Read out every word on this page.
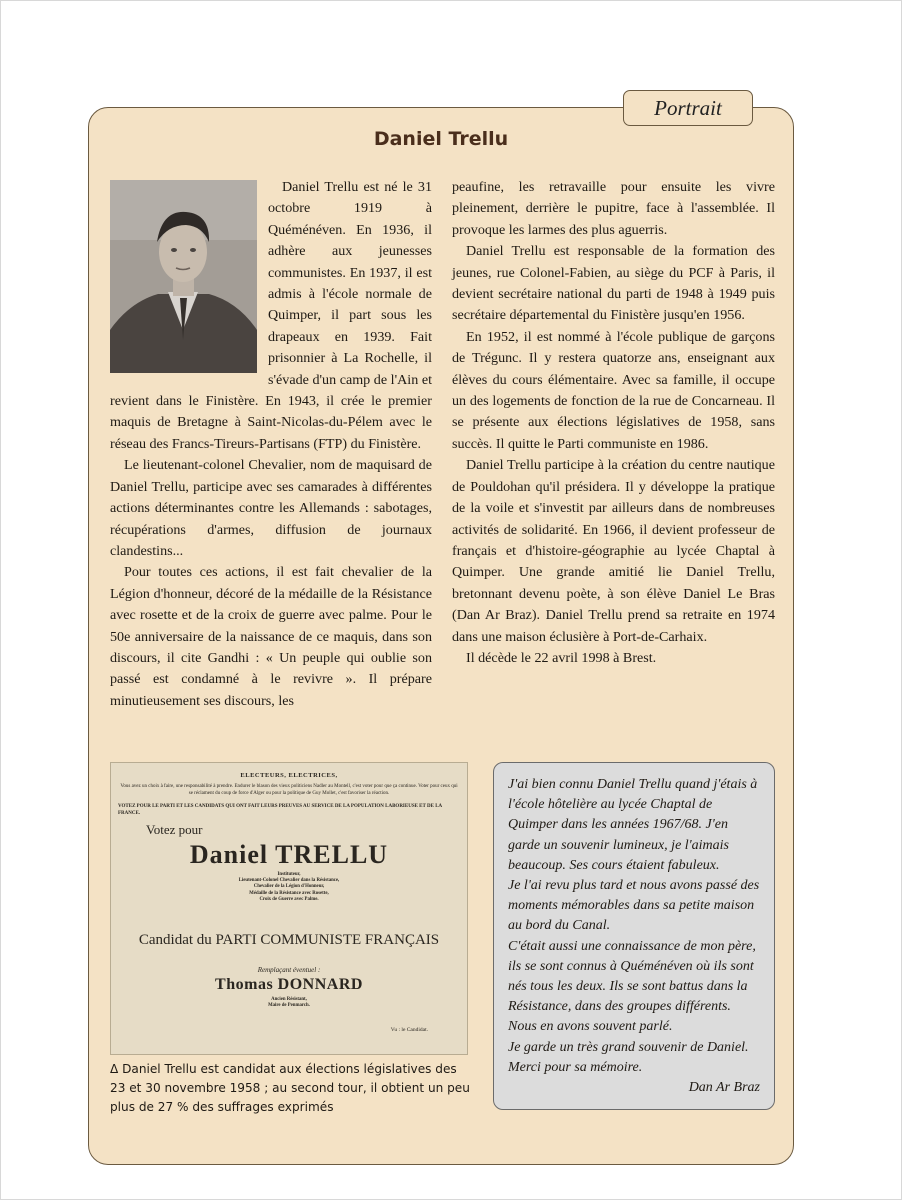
Portrait
Daniel Trellu

Daniel Trellu est né le 31 octobre 1919 à Quéménéven. En 1936, il adhère aux jeunesses communistes. En 1937, il est admis à l'école normale de Quimper, il part sous les drapeaux en 1939. Fait prisonnier à La Rochelle, il s'évade d'un camp de l'Ain et revient dans le Finistère. En 1943, il crée le premier maquis de Bretagne à Saint-Nicolas-du-Pélem avec le réseau des Francs-Tireurs-Partisans (FTP) du Finistère.

Le lieutenant-colonel Chevalier, nom de maquisard de Daniel Trellu, participe avec ses camarades à différentes actions déterminantes contre les Allemands : sabotages, récupérations d'armes, diffusion de journaux clandestins...

Pour toutes ces actions, il est fait chevalier de la Légion d'honneur, décoré de la médaille de la Résistance avec rosette et de la croix de guerre avec palme. Pour le 50e anniversaire de la naissance de ce maquis, dans son discours, il cite Gandhi : « Un peuple qui oublie son passé est condamné à le revivre ». Il prépare minutieusement ses discours, les

peaufine, les retravaille pour ensuite les vivre pleinement, derrière le pupitre, face à l'assemblée. Il provoque les larmes des plus aguerris.

Daniel Trellu est responsable de la formation des jeunes, rue Colonel-Fabien, au siège du PCF à Paris, il devient secrétaire national du parti de 1948 à 1949 puis secrétaire départemental du Finistère jusqu'en 1956.

En 1952, il est nommé à l'école publique de garçons de Trégunc. Il y restera quatorze ans, enseignant aux élèves du cours élémentaire. Avec sa famille, il occupe un des logements de fonction de la rue de Concarneau. Il se présente aux élections législatives de 1958, sans succès. Il quitte le Parti communiste en 1986.

Daniel Trellu participe à la création du centre nautique de Pouldohan qu'il présidera. Il y développe la pratique de la voile et s'investit par ailleurs dans de nombreuses activités de solidarité. En 1966, il devient professeur de français et d'histoire-géographie au lycée Chaptal à Quimper. Une grande amitié lie Daniel Trellu, bretonnant devenu poète, à son élève Daniel Le Bras (Dan Ar Braz). Daniel Trellu prend sa retraite en 1974 dans une maison éclusière à Port-de-Carhaix.

Il décède le 22 avril 1998 à Brest.

ELECTEURS, ELECTRICES,
Vous avez un choix à faire, une responsabilité à prendre. Endurer le blason des vieux politiciens Nadler au Montell, c'est voter pour que ça continue. Voter pour ceux qui se réclament du coup de force d'Alger ou pour la politique de Guy Mollet, c'est favoriser la réaction.
VOTEZ POUR LE PARTI ET LES CANDIDATS QUI ONT FAIT LEURS PREUVES AU SERVICE DE LA POPULATION LABORIEUSE ET DE LA FRANCE.
Votez pour
Daniel TRELLU
Instituteur,
Lieutenant-Colonel Chevalier dans la Résistance,
Chevalier de la Légion d'Honneur,
Médaille de la Résistance avec Rosette,
Croix de Guerre avec Palme.
Candidat du PARTI COMMUNISTE FRANÇAIS
Remplaçant éventuel :
Thomas DONNARD
Ancien Résistant,
Maire de Penmarch.
Vu : le Candidat.

Δ Daniel Trellu est candidat aux élections législatives des 23 et 30 novembre 1958 ; au second tour, il obtient un peu plus de 27 % des suffrages exprimés

J'ai bien connu Daniel Trellu quand j'étais à l'école hôtelière au lycée Chaptal de Quimper dans les années 1967/68. J'en garde un souvenir lumineux, je l'aimais beaucoup. Ses cours étaient fabuleux.

Je l'ai revu plus tard et nous avons passé des moments mémorables dans sa petite maison au bord du Canal.

C'était aussi une connaissance de mon père, ils se sont connus à Quéménéven où ils sont nés tous les deux. Ils se sont battus dans la Résistance, dans des groupes différents. Nous en avons souvent parlé.

Je garde un très grand souvenir de Daniel. Merci pour sa mémoire.

Dan Ar Braz
